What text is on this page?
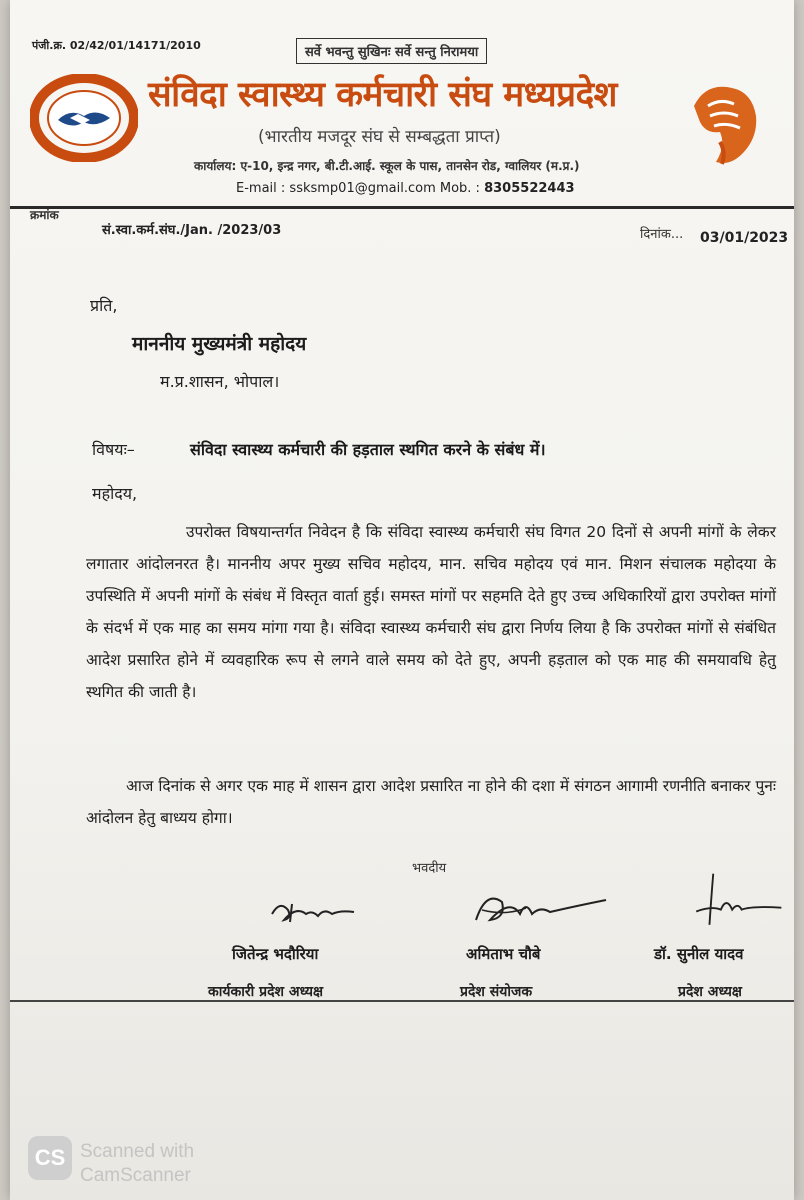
पंजी.क्र. 02/42/01/14171/2010	सर्वे भवन्तु सुखिनः सर्वे सन्तु निरामया
संविदा स्वास्थ्य कर्मचारी संघ मध्यप्रदेश
(भारतीय मजदूर संघ से सम्बद्धता प्राप्त)
कार्यालय: ए-10, इन्द्र नगर, बी.टी.आई. स्कूल के पास, तानसेन रोड, ग्वालियर (म.प्र.)
E-mail : ssksmp01@gmail.com Mob. : 8305522443
क्रमांक
सं.स्वा.कर्म.संघ./Jan. /2023/03	दिनांक... 03/01/2023
प्रति,
माननीय मुख्यमंत्री महोदय
म.प्र.शासन, भोपाल।
विषयः–	संविदा स्वास्थ्य कर्मचारी की हड़ताल स्थगित करने के संबंध में।
महोदय,
उपरोक्त विषयान्तर्गत निवेदन है कि संविदा स्वास्थ्य कर्मचारी संघ विगत 20 दिनों से अपनी मांगों के लेकर लगातार आंदोलनरत है। माननीय अपर मुख्य सचिव महोदय, मान. सचिव महोदय एवं मान. मिशन संचालक महोदया के उपस्थिति में अपनी मांगों के संबंध में विस्तृत वार्ता हुई। समस्त मांगों पर सहमति देते हुए उच्च अधिकारियों द्वारा उपरोक्त मांगों के संदर्भ में एक माह का समय मांगा गया है। संविदा स्वास्थ्य कर्मचारी संघ द्वारा निर्णय लिया है कि उपरोक्त मांगों से संबंधित आदेश प्रसारित होने में व्यवहारिक रूप से लगने वाले समय को देते हुए, अपनी हड़ताल को एक माह की समयावधि हेतु स्थगित की जाती है।
आज दिनांक से अगर एक माह में शासन द्वारा आदेश प्रसारित ना होने की दशा में संगठन आगामी रणनीति बनाकर पुनः आंदोलन हेतु बाध्यय होगा।
भवदीय
जितेन्द्र भदौरिया
कार्यकारी प्रदेश अध्यक्ष
अमिताभ चौबे
प्रदेश संयोजक
डॉ. सुनील यादव
प्रदेश अध्यक्ष
CS Scanned with
CamScanner
